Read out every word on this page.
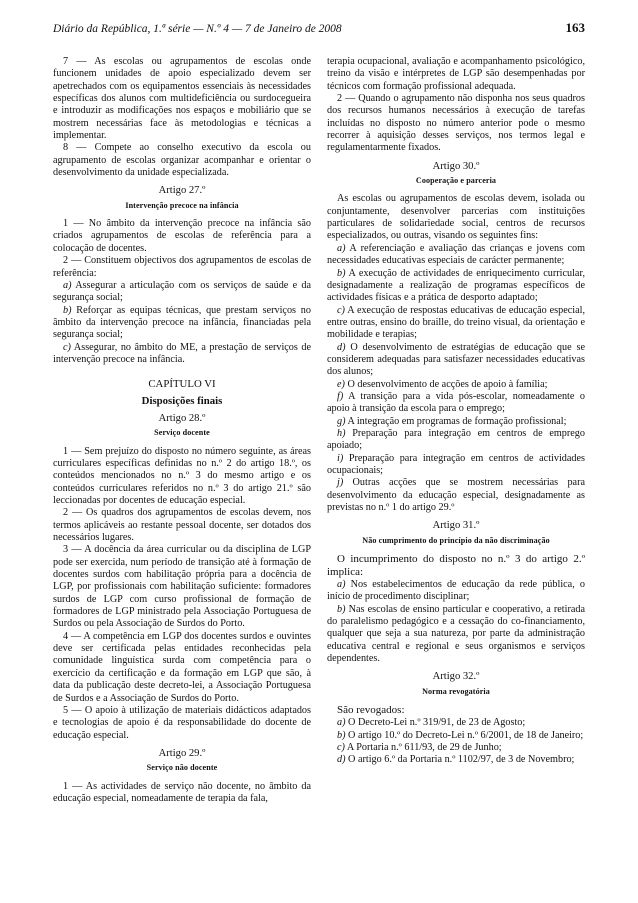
Diário da República, 1.ª série — N.º 4 — 7 de Janeiro de 2008	163

7 — As escolas ou agrupamentos de escolas onde funcionem unidades de apoio especializado devem ser apetrechados com os equipamentos essenciais às necessidades específicas dos alunos com multideficiência ou surdocegueira e introduzir as modificações nos espaços e mobiliário que se mostrem necessárias face às metodologias e técnicas a implementar.

8 — Compete ao conselho executivo da escola ou agrupamento de escolas organizar acompanhar e orientar o desenvolvimento da unidade especializada.

Artigo 27.º
Intervenção precoce na infância

1 — No âmbito da intervenção precoce na infância são criados agrupamentos de escolas de referência para a colocação de docentes.

2 — Constituem objectivos dos agrupamentos de escolas de referência:

a) Assegurar a articulação com os serviços de saúde e da segurança social;

b) Reforçar as equipas técnicas, que prestam serviços no âmbito da intervenção precoce na infância, financiadas pela segurança social;

c) Assegurar, no âmbito do ME, a prestação de serviços de intervenção precoce na infância.

CAPÍTULO VI
Disposições finais
Artigo 28.º
Serviço docente

1 — Sem prejuízo do disposto no número seguinte, as áreas curriculares específicas definidas no n.º 2 do artigo 18.º, os conteúdos mencionados no n.º 3 do mesmo artigo e os conteúdos curriculares referidos no n.º 3 do artigo 21.º são leccionadas por docentes de educação especial.

2 — Os quadros dos agrupamentos de escolas devem, nos termos aplicáveis ao restante pessoal docente, ser dotados dos necessários lugares.

3 — A docência da área curricular ou da disciplina de LGP pode ser exercida, num período de transição até à formação de docentes surdos com habilitação própria para a docência de LGP, por profissionais com habilitação suficiente: formadores surdos de LGP com curso profissional de formação de formadores de LGP ministrado pela Associação Portuguesa de Surdos ou pela Associação de Surdos do Porto.

4 — A competência em LGP dos docentes surdos e ouvintes deve ser certificada pelas entidades reconhecidas pela comunidade linguística surda com competência para o exercício da certificação e da formação em LGP que são, à data da publicação deste decreto-lei, a Associação Portuguesa de Surdos e a Associação de Surdos do Porto.

5 — O apoio à utilização de materiais didácticos adaptados e tecnologias de apoio é da responsabilidade do docente de educação especial.

Artigo 29.º
Serviço não docente

1 — As actividades de serviço não docente, no âmbito da educação especial, nomeadamente de terapia da fala,

terapia ocupacional, avaliação e acompanhamento psicológico, treino da visão e intérpretes de LGP são desempenhadas por técnicos com formação profissional adequada.

2 — Quando o agrupamento não disponha nos seus quadros dos recursos humanos necessários à execução de tarefas incluídas no disposto no número anterior pode o mesmo recorrer à aquisição desses serviços, nos termos legal e regulamentarmente fixados.

Artigo 30.º
Cooperação e parceria

As escolas ou agrupamentos de escolas devem, isolada ou conjuntamente, desenvolver parcerias com instituições particulares de solidariedade social, centros de recursos especializados, ou outras, visando os seguintes fins:

a) A referenciação e avaliação das crianças e jovens com necessidades educativas especiais de carácter permanente;

b) A execução de actividades de enriquecimento curricular, designadamente a realização de programas específicos de actividades físicas e a prática de desporto adaptado;

c) A execução de respostas educativas de educação especial, entre outras, ensino do braille, do treino visual, da orientação e mobilidade e terapias;

d) O desenvolvimento de estratégias de educação que se considerem adequadas para satisfazer necessidades educativas dos alunos;

e) O desenvolvimento de acções de apoio à família;

f) A transição para a vida pós-escolar, nomeadamente o apoio à transição da escola para o emprego;

g) A integração em programas de formação profissional;

h) Preparação para integração em centros de emprego apoiado;

i) Preparação para integração em centros de actividades ocupacionais;

j) Outras acções que se mostrem necessárias para desenvolvimento da educação especial, designadamente as previstas no n.º 1 do artigo 29.º

Artigo 31.º
Não cumprimento do princípio da não discriminação

O incumprimento do disposto no n.º 3 do artigo 2.º implica:

a) Nos estabelecimentos de educação da rede pública, o início de procedimento disciplinar;

b) Nas escolas de ensino particular e cooperativo, a retirada do paralelismo pedagógico e a cessação do co-financiamento, qualquer que seja a sua natureza, por parte da administração educativa central e regional e seus organismos e serviços dependentes.

Artigo 32.º
Norma revogatória

São revogados:

a) O Decreto-Lei n.º 319/91, de 23 de Agosto;

b) O artigo 10.º do Decreto-Lei n.º 6/2001, de 18 de Janeiro;

c) A Portaria n.º 611/93, de 29 de Junho;

d) O artigo 6.º da Portaria n.º 1102/97, de 3 de Novembro;
